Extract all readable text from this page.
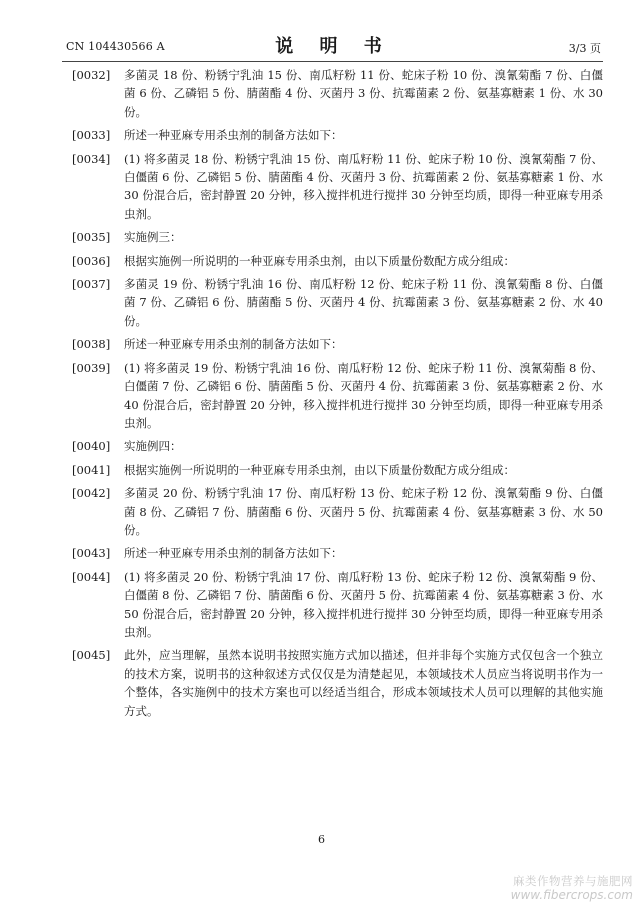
CN 104430566 A	说 明 书	3/3 页
[0032]	多菌灵 18 份、粉锈宁乳油 15 份、南瓜籽粉 11 份、蛇床子粉 10 份、溴氰菊酯 7 份、白僵菌 6 份、乙磷铝 5 份、腈菌酯 4 份、灭菌丹 3 份、抗霉菌素 2 份、氨基寡糖素 1 份、水 30 份。
[0033]	所述一种亚麻专用杀虫剂的制备方法如下：
[0034]	(1) 将多菌灵 18 份、粉锈宁乳油 15 份、南瓜籽粉 11 份、蛇床子粉 10 份、溴氰菊酯 7 份、白僵菌 6 份、乙磷铝 5 份、腈菌酯 4 份、灭菌丹 3 份、抗霉菌素 2 份、氨基寡糖素 1 份、水 30 份混合后，密封静置 20 分钟，移入搅拌机进行搅拌 30 分钟至均质，即得一种亚麻专用杀虫剂。
[0035]	实施例三：
[0036]	根据实施例一所说明的一种亚麻专用杀虫剂，由以下质量份数配方成分组成：
[0037]	多菌灵 19 份、粉锈宁乳油 16 份、南瓜籽粉 12 份、蛇床子粉 11 份、溴氰菊酯 8 份、白僵菌 7 份、乙磷铝 6 份、腈菌酯 5 份、灭菌丹 4 份、抗霉菌素 3 份、氨基寡糖素 2 份、水 40 份。
[0038]	所述一种亚麻专用杀虫剂的制备方法如下：
[0039]	(1) 将多菌灵 19 份、粉锈宁乳油 16 份、南瓜籽粉 12 份、蛇床子粉 11 份、溴氰菊酯 8 份、白僵菌 7 份、乙磷铝 6 份、腈菌酯 5 份、灭菌丹 4 份、抗霉菌素 3 份、氨基寡糖素 2 份、水 40 份混合后，密封静置 20 分钟，移入搅拌机进行搅拌 30 分钟至均质，即得一种亚麻专用杀虫剂。
[0040]	实施例四：
[0041]	根据实施例一所说明的一种亚麻专用杀虫剂，由以下质量份数配方成分组成：
[0042]	多菌灵 20 份、粉锈宁乳油 17 份、南瓜籽粉 13 份、蛇床子粉 12 份、溴氰菊酯 9 份、白僵菌 8 份、乙磷铝 7 份、腈菌酯 6 份、灭菌丹 5 份、抗霉菌素 4 份、氨基寡糖素 3 份、水 50 份。
[0043]	所述一种亚麻专用杀虫剂的制备方法如下：
[0044]	(1) 将多菌灵 20 份、粉锈宁乳油 17 份、南瓜籽粉 13 份、蛇床子粉 12 份、溴氰菊酯 9 份、白僵菌 8 份、乙磷铝 7 份、腈菌酯 6 份、灭菌丹 5 份、抗霉菌素 4 份、氨基寡糖素 3 份、水 50 份混合后，密封静置 20 分钟，移入搅拌机进行搅拌 30 分钟至均质，即得一种亚麻专用杀虫剂。
[0045]	此外，应当理解，虽然本说明书按照实施方式加以描述，但并非每个实施方式仅包含一个独立的技术方案，说明书的这种叙述方式仅仅是为清楚起见，本领域技术人员应当将说明书作为一个整体，各实施例中的技术方案也可以经适当组合，形成本领域技术人员可以理解的其他实施方式。
6
麻类作物营养与施肥网
www.fibercrops.com
